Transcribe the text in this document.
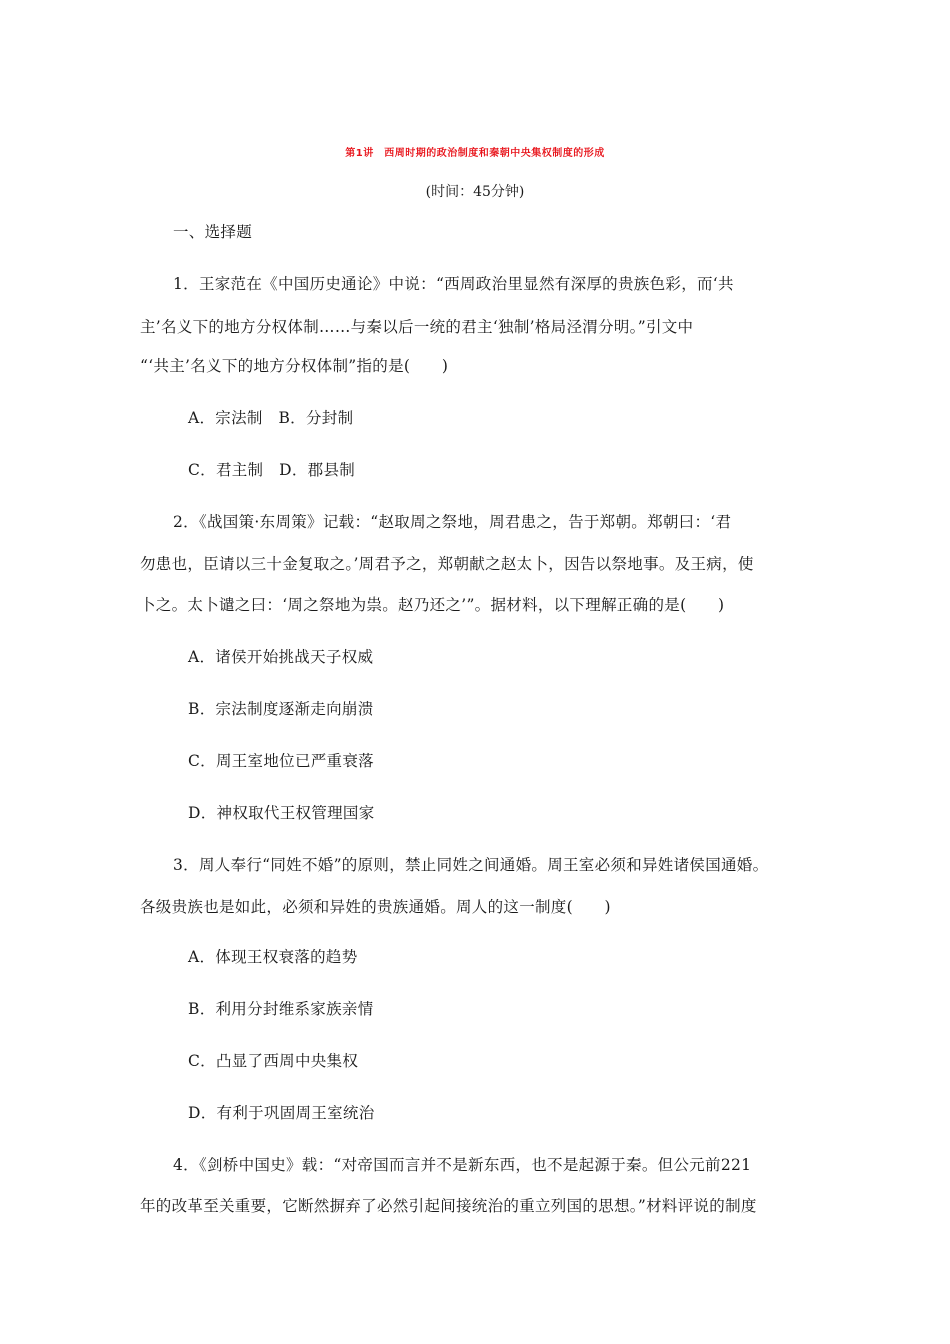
第1讲　西周时期的政治制度和秦朝中央集权制度的形成
(时间：45分钟)
一、选择题
1．王家范在《中国历史通论》中说：“西周政治里显然有深厚的贵族色彩，而‘共
主’名义下的地方分权体制……与秦以后一统的君主‘独制’格局泾渭分明。”引文中
“‘共主’名义下的地方分权体制”指的是(　　)
A．宗法制　B．分封制
C．君主制　D．郡县制
2．《战国策·东周策》记载：“赵取周之祭地，周君患之，告于郑朝。郑朝曰：‘君
勿患也，臣请以三十金复取之。’周君予之，郑朝献之赵太卜，因告以祭地事。及王病，使
卜之。太卜谴之曰：‘周之祭地为祟。赵乃还之’”。据材料，以下理解正确的是(　　)
A．诸侯开始挑战天子权威
B．宗法制度逐渐走向崩溃
C．周王室地位已严重衰落
D．神权取代王权管理国家
3．周人奉行“同姓不婚”的原则，禁止同姓之间通婚。周王室必须和异姓诸侯国通婚。
各级贵族也是如此，必须和异姓的贵族通婚。周人的这一制度(　　)
A．体现王权衰落的趋势
B．利用分封维系家族亲情
C．凸显了西周中央集权
D．有利于巩固周王室统治
4．《剑桥中国史》载：“对帝国而言并不是新东西，也不是起源于秦。但公元前221
年的改革至关重要，它断然摒弃了必然引起间接统治的重立列国的思想。”材料评说的制度
